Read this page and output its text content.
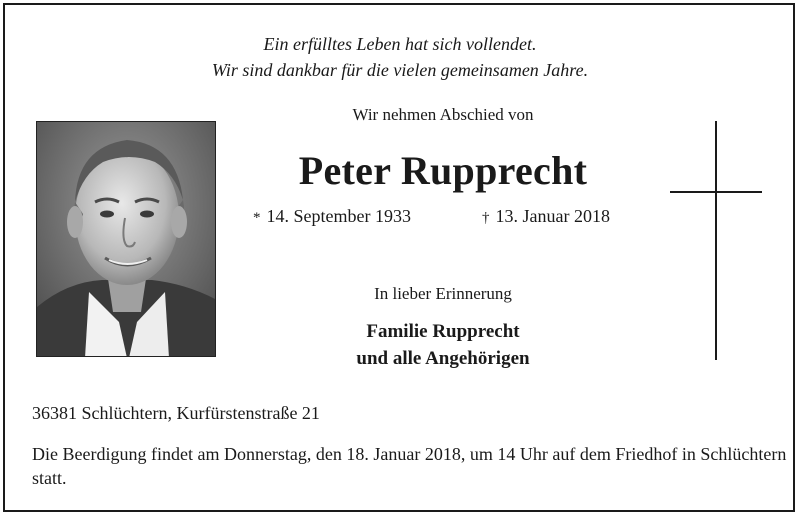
Ein erfülltes Leben hat sich vollendet.
Wir sind dankbar für die vielen gemeinsamen Jahre.
Wir nehmen Abschied von
Peter Rupprecht
* 14. September 1933	† 13. Januar 2018
In lieber Erinnerung
Familie Rupprecht
und alle Angehörigen
36381 Schlüchtern, Kurfürstenstraße 21
Die Beerdigung findet am Donnerstag, den 18. Januar 2018, um 14 Uhr auf dem Friedhof in Schlüchtern statt.
